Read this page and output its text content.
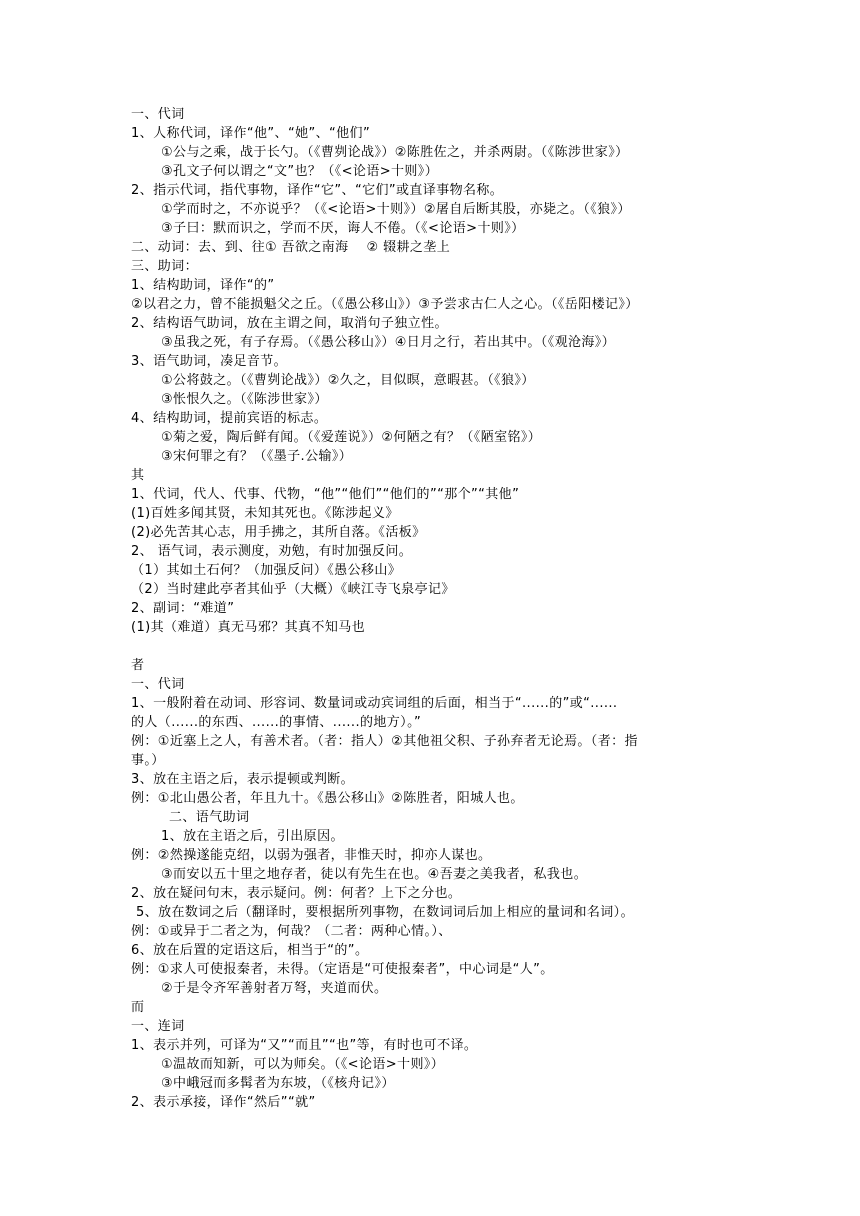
一、代词
1、人称代词，译作“他”、“她”、“他们”
①公与之乘，战于长勺。（《曹刿论战》）②陈胜佐之，并杀两尉。（《陈涉世家》）
③孔文子何以谓之“文”也？（《<论语>十则》）
2、指示代词，指代事物，译作“它”、“它们”或直译事物名称。
①学而时之，不亦说乎？（《<论语>十则》）②屠自后断其股，亦毙之。（《狼》）
③子曰：默而识之，学而不厌，诲人不倦。（《<论语>十则》）
二、动词：去、到、往① 吾欲之南海　 ② 辍耕之垄上
三、助词：
1、结构助词，译作“的”
②以君之力，曾不能损魁父之丘。（《愚公移山》）③予尝求古仁人之心。（《岳阳楼记》）
2、结构语气助词，放在主谓之间，取消句子独立性。
③虽我之死，有子存焉。（《愚公移山》）④日月之行，若出其中。（《观沧海》）
3、语气助词，凑足音节。
①公将鼓之。（《曹刿论战》）②久之，目似暝，意暇甚。（《狼》）
③怅恨久之。（《陈涉世家》）
4、结构助词，提前宾语的标志。
①菊之爱，陶后鲜有闻。（《爱莲说》）②何陋之有？（《陋室铭》）
③宋何罪之有？（《墨子.公输》）
其
1、代词，代人、代事、代物，“他”“他们”“他们的”“那个”“其他”
(1)百姓多闻其贤，未知其死也。《陈涉起义》
(2)必先苦其心志，用手拂之，其所自落。《活板》
2、 语气词，表示测度，劝勉，有时加强反问。
（1）其如土石何？（加强反问）《愚公移山》
（2）当时建此亭者其仙乎（大概）《峡江寺飞泉亭记》
2、副词：“难道”
(1)其（难道）真无马邪？其真不知马也
者
一、代词
1、一般附着在动词、形容词、数量词或动宾词组的后面，相当于“......的”或“......
的人（......的东西、......的事情、......的地方）。”
例：①近塞上之人，有善术者。（者：指人）②其他祖父积、子孙弃者无论焉。（者：指
事。）
3、放在主语之后，表示提顿或判断。
例：①北山愚公者，年且九十。《愚公移山》②陈胜者，阳城人也。
二、语气助词
1、放在主语之后，引出原因。
例：②然操遂能克绍，以弱为强者，非惟天时，抑亦人谋也。
③而安以五十里之地存者，徒以有先生在也。④吾妻之美我者，私我也。
2、放在疑问句末，表示疑问。例：何者？上下之分也。
5、放在数词之后（翻译时，要根据所列事物，在数词词后加上相应的量词和名词）。
例：①或异于二者之为，何哉？（二者：两种心情。）、
6、放在后置的定语这后，相当于“的”。
例：①求人可使报秦者，未得。（定语是“可使报秦者”，中心词是“人”。
②于是令齐军善射者万弩，夹道而伏。
而
一、连词
1、表示并列，可译为“又”“而且”“也”等，有时也可不译。
①温故而知新，可以为师矣。（《<论语>十则》）
③中峨冠而多髯者为东坡，（《核舟记》）
2、表示承接，译作“然后”“就”
